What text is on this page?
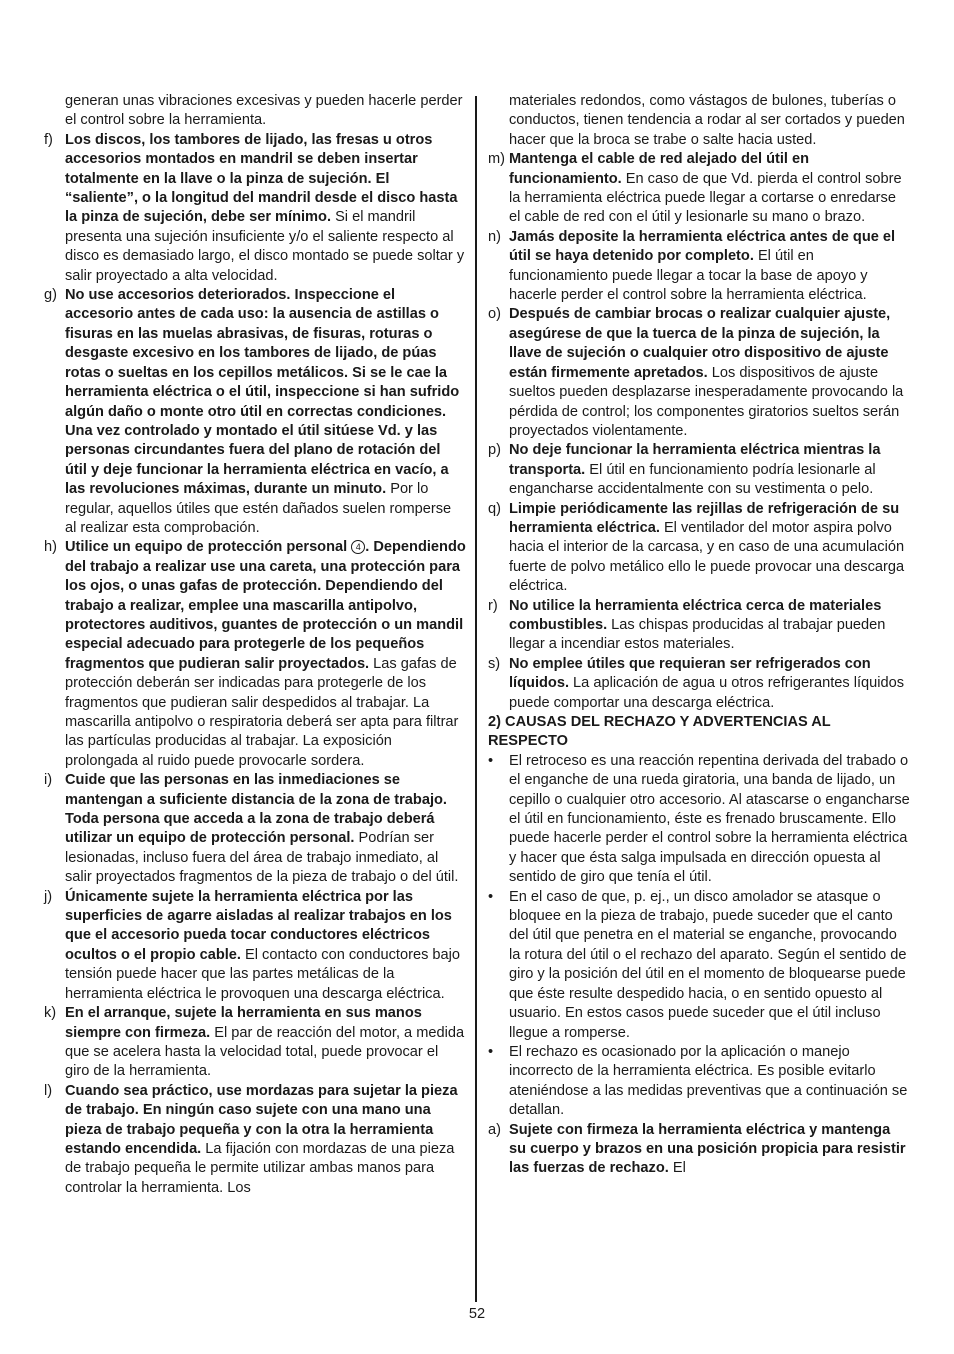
generan unas vibraciones excesivas y pueden hacerle perder el control sobre la herramienta.
f) Los discos, los tambores de lijado, las fresas u otros accesorios montados en mandril se deben insertar totalmente en la llave o la pinza de sujeción. El “saliente”, o la longitud del mandril desde el disco hasta la pinza de sujeción, debe ser mínimo. Si el mandril presenta una sujeción insuficiente y/o el saliente respecto al disco es demasiado largo, el disco montado se puede soltar y salir proyectado a alta velocidad.
g) No use accesorios deteriorados. Inspeccione el accesorio antes de cada uso: la ausencia de astillas o fisuras en las muelas abrasivas, de fisuras, roturas o desgaste excesivo en los tambores de lijado, de púas rotas o sueltas en los cepillos metálicos. Si se le cae la herramienta eléctrica o el útil, inspeccione si han sufrido algún daño o monte otro útil en correctas condiciones. Una vez controlado y montado el útil sitúese Vd. y las personas circundantes fuera del plano de rotación del útil y deje funcionar la herramienta eléctrica en vacío, a las revoluciones máximas, durante un minuto. Por lo regular, aquellos útiles que estén dañados suelen romperse al realizar esta comprobación.
h) Utilice un equipo de protección personal 4 . Dependiendo del trabajo a realizar use una careta, una protección para los ojos, o unas gafas de protección. Dependiendo del trabajo a realizar, emplee una mascarilla antipolvo, protectores auditivos, guantes de protección o un mandil especial adecuado para protegerle de los pequeños fragmentos que pudieran salir proyectados. Las gafas de protección deberán ser indicadas para protegerle de los fragmentos que pudieran salir despedidos al trabajar. La mascarilla antipolvo o respiratoria deberá ser apta para filtrar las partículas producidas al trabajar. La exposición prolongada al ruido puede provocarle sordera.
i) Cuide que las personas en las inmediaciones se mantengan a suficiente distancia de la zona de trabajo. Toda persona que acceda a la zona de trabajo deberá utilizar un equipo de protección personal. Podrían ser lesionadas, incluso fuera del área de trabajo inmediato, al salir proyectados fragmentos de la pieza de trabajo o del útil.
j) Únicamente sujete la herramienta eléctrica por las superficies de agarre aisladas al realizar trabajos en los que el accesorio pueda tocar conductores eléctricos ocultos o el propio cable. El contacto con conductores bajo tensión puede hacer que las partes metálicas de la herramienta eléctrica le provoquen una descarga eléctrica.
k) En el arranque, sujete la herramienta en sus manos siempre con firmeza. El par de reacción del motor, a medida que se acelera hasta la velocidad total, puede provocar el giro de la herramienta.
l) Cuando sea práctico, use mordazas para sujetar la pieza de trabajo. En ningún caso sujete con una mano una pieza de trabajo pequeña y con la otra la herramienta estando encendida. La fijación con mordazas de una pieza de trabajo pequeña le permite utilizar ambas manos para controlar la herramienta. Los
materiales redondos, como vástagos de bulones, tuberías o conductos, tienen tendencia a rodar al ser cortados y pueden hacer que la broca se trabe o salte hacia usted.
m) Mantenga el cable de red alejado del útil en funcionamiento. En caso de que Vd. pierda el control sobre la herramienta eléctrica puede llegar a cortarse o enredarse el cable de red con el útil y lesionarle su mano o brazo.
n) Jamás deposite la herramienta eléctrica antes de que el útil se haya detenido por completo. El útil en funcionamiento puede llegar a tocar la base de apoyo y hacerle perder el control sobre la herramienta eléctrica.
o) Después de cambiar brocas o realizar cualquier ajuste, asegúrese de que la tuerca de la pinza de sujeción, la llave de sujeción o cualquier otro dispositivo de ajuste están firmemente apretados. Los dispositivos de ajuste sueltos pueden desplazarse inesperadamente provocando la pérdida de control; los componentes giratorios sueltos serán proyectados violentamente.
p) No deje funcionar la herramienta eléctrica mientras la transporta. El útil en funcionamiento podría lesionarle al engancharse accidentalmente con su vestimenta o pelo.
q) Limpie periódicamente las rejillas de refrigeración de su herramienta eléctrica. El ventilador del motor aspira polvo hacia el interior de la carcasa, y en caso de una acumulación fuerte de polvo metálico ello le puede provocar una descarga eléctrica.
r) No utilice la herramienta eléctrica cerca de materiales combustibles. Las chispas producidas al trabajar pueden llegar a incendiar estos materiales.
s) No emplee útiles que requieran ser refrigerados con líquidos. La aplicación de agua u otros refrigerantes líquidos puede comportar una descarga eléctrica.
2) CAUSAS DEL RECHAZO Y ADVERTENCIAS AL RESPECTO
• El retroceso es una reacción repentina derivada del trabado o el enganche de una rueda giratoria, una banda de lijado, un cepillo o cualquier otro accesorio. Al atascarse o engancharse el útil en funcionamiento, éste es frenado bruscamente. Ello puede hacerle perder el control sobre la herramienta eléctrica y hacer que ésta salga impulsada en dirección opuesta al sentido de giro que tenía el útil.
• En el caso de que, p. ej., un disco amolador se atasque o bloquee en la pieza de trabajo, puede suceder que el canto del útil que penetra en el material se enganche, provocando la rotura del útil o el rechazo del aparato. Según el sentido de giro y la posición del útil en el momento de bloquearse puede que éste resulte despedido hacia, o en sentido opuesto al usuario. En estos casos puede suceder que el útil incluso llegue a romperse.
• El rechazo es ocasionado por la aplicación o manejo incorrecto de la herramienta eléctrica. Es posible evitarlo ateniéndose a las medidas preventivas que a continuación se detallan.
a) Sujete con firmeza la herramienta eléctrica y mantenga su cuerpo y brazos en una posición propicia para resistir las fuerzas de rechazo. El
52
